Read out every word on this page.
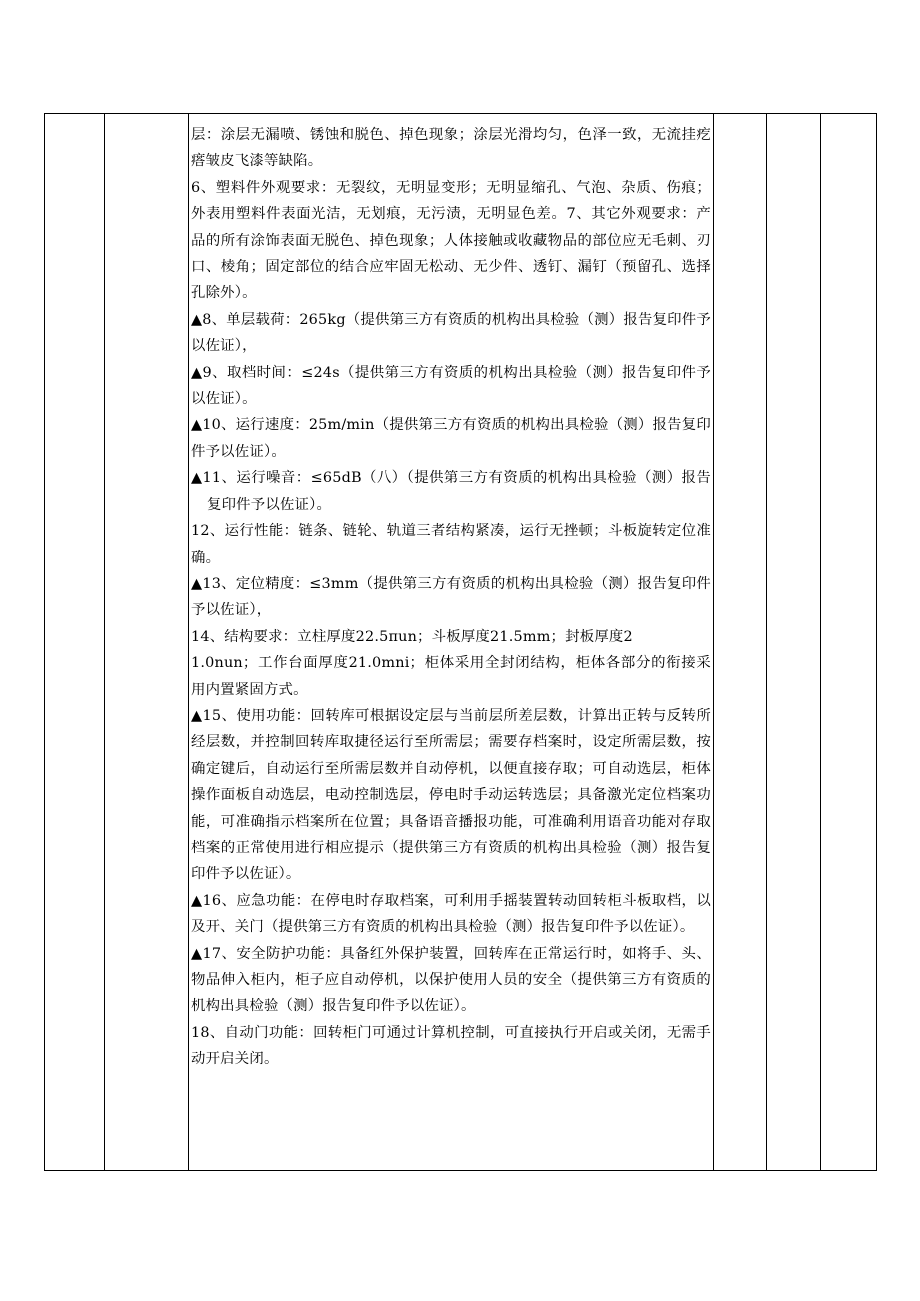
层：涂层无漏喷、锈蚀和脱色、掉色现象；涂层光滑均匀，色泽一致，无流挂疙瘩皱皮飞漆等缺陷。

6、塑料件外观要求：无裂纹，无明显变形；无明显缩孔、气泡、杂质、伤痕；外表用塑料件表面光洁，无划痕，无污渍，无明显色差。7、其它外观要求：产品的所有涂饰表面无脱色、掉色现象；人体接触或收藏物品的部位应无毛刺、刃口、棱角；固定部位的结合应牢固无松动、无少件、透钉、漏钉（预留孔、选择孔除外）。

▲8、单层载荷：265kg（提供第三方有资质的机构出具检验（测）报告复印件予以佐证），

▲9、取档时间：≤24s（提供第三方有资质的机构出具检验（测）报告复印件予以佐证）。

▲10、运行速度：25m/min（提供第三方有资质的机构出具检验（测）报告复印件予以佐证）。

▲11、运行噪音：≤65dB（八）（提供第三方有资质的机构出具检验（测）报告复印件予以佐证）。

12、运行性能：链条、链轮、轨道三者结构紧凑，运行无挫顿；斗板旋转定位准确。

▲13、定位精度：≤3mm（提供第三方有资质的机构出具检验（测）报告复印件予以佐证），

14、结构要求：立柱厚度22.5πun；斗板厚度21.5mm；封板厚度2

1.0nun；工作台面厚度21.0mni；柜体采用全封闭结构，柜体各部分的衔接采用内置紧固方式。

▲15、使用功能：回转库可根据设定层与当前层所差层数，计算出正转与反转所经层数，并控制回转库取捷径运行至所需层；需要存档案时，设定所需层数，按确定键后，自动运行至所需层数并自动停机，以便直接存取；可自动选层，柜体操作面板自动选层，电动控制选层，停电时手动运转选层；具备激光定位档案功能，可准确指示档案所在位置；具备语音播报功能，可准确利用语音功能对存取档案的正常使用进行相应提示（提供第三方有资质的机构出具检验（测）报告复印件予以佐证）。

▲16、应急功能：在停电时存取档案，可利用手摇装置转动回转柜斗板取档，以及开、关门（提供第三方有资质的机构出具检验（测）报告复印件予以佐证）。

▲17、安全防护功能：具备红外保护装置，回转库在正常运行时，如将手、头、物品伸入柜内，柜子应自动停机，以保护使用人员的安全（提供第三方有资质的机构出具检验（测）报告复印件予以佐证）。

18、自动门功能：回转柜门可通过计算机控制，可直接执行开启或关闭，无需手动开启关闭。
